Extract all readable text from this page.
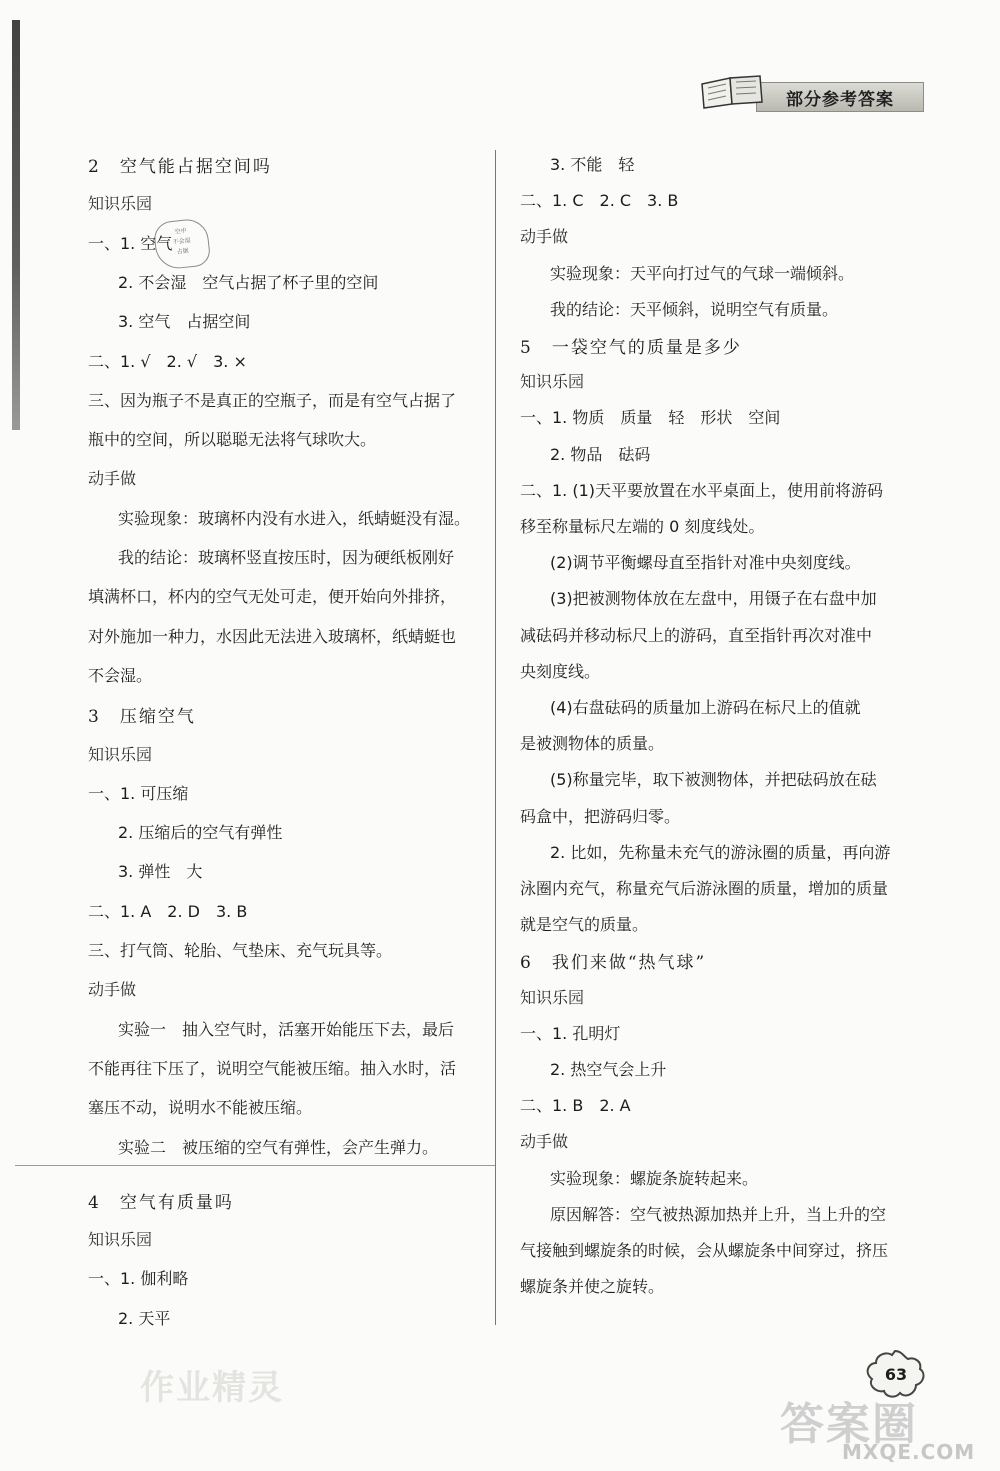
部分参考答案
2　空气能占据空间吗
知识乐园
一、1. 空气
2. 不会湿　空气占据了杯子里的空间
3. 空气　占据空间
二、1. √　2. √　3. ×
三、因为瓶子不是真正的空瓶子，而是有空气占据了
瓶中的空间，所以聪聪无法将气球吹大。
动手做
实验现象：玻璃杯内没有水进入，纸蜻蜓没有湿。
我的结论：玻璃杯竖直按压时，因为硬纸板刚好
填满杯口，杯内的空气无处可走，便开始向外排挤，
对外施加一种力，水因此无法进入玻璃杯，纸蜻蜓也
不会湿。
3　压缩空气
知识乐园
一、1. 可压缩
2. 压缩后的空气有弹性
3. 弹性　大
二、1. A　2. D　3. B
三、打气筒、轮胎、气垫床、充气玩具等。
动手做
实验一　抽入空气时，活塞开始能压下去，最后
不能再往下压了，说明空气能被压缩。抽入水时，活
塞压不动，说明水不能被压缩。
实验二　被压缩的空气有弹性，会产生弹力。
4　空气有质量吗
知识乐园
一、1. 伽利略
2. 天平
3. 不能　轻
二、1. C　2. C　3. B
动手做
实验现象：天平向打过气的气球一端倾斜。
我的结论：天平倾斜，说明空气有质量。
5　一袋空气的质量是多少
知识乐园
一、1. 物质　质量　轻　形状　空间
2. 物品　砝码
二、1. (1)天平要放置在水平桌面上，使用前将游码
移至称量标尺左端的 0 刻度线处。
(2)调节平衡螺母直至指针对准中央刻度线。
(3)把被测物体放在左盘中，用镊子在右盘中加
减砝码并移动标尺上的游码，直至指针再次对准中
央刻度线。
(4)右盘砝码的质量加上游码在标尺上的值就
是被测物体的质量。
(5)称量完毕，取下被测物体，并把砝码放在砝
码盒中，把游码归零。
2. 比如，先称量未充气的游泳圈的质量，再向游
泳圈内充气，称量充气后游泳圈的质量，增加的质量
就是空气的质量。
6　我们来做“热气球”
知识乐园
一、1. 孔明灯
2. 热空气会上升
二、1. B　2. A
动手做
实验现象：螺旋条旋转起来。
原因解答：空气被热源加热并上升，当上升的空
气接触到螺旋条的时候，会从螺旋条中间穿过，挤压
螺旋条并使之旋转。
空中
不会湿
占据
63
作业精灵
答案圈
MXQE.COM
